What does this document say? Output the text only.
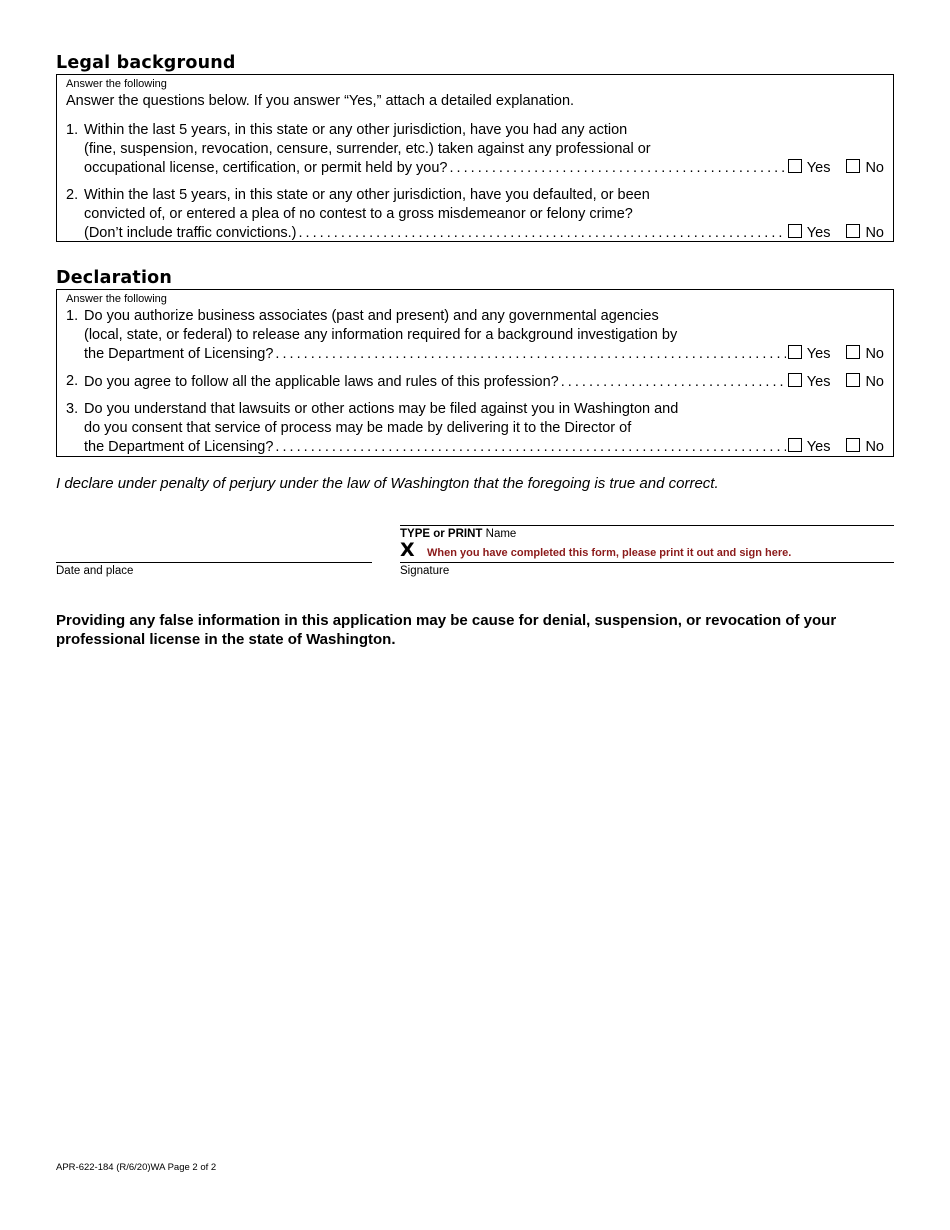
Legal background
Answer the following
Answer the questions below. If you answer “Yes,” attach a detailed explanation.
1. Within the last 5 years, in this state or any other jurisdiction, have you had any action
(fine, suspension, revocation, censure, surrender, etc.) taken against any professional or
occupational license, certification, or permit held by you? . . .	Yes No
2. Within the last 5 years, in this state or any other jurisdiction, have you defaulted, or been
convicted of, or entered a plea of no contest to a gross misdemeanor or felony crime?
(Don’t include traffic convictions.) . . .	Yes No
Declaration
Answer the following
1. Do you authorize business associates (past and present) and any governmental agencies
(local, state, or federal) to release any information required for a background investigation by
the Department of Licensing? . . .	Yes No
2. Do you agree to follow all the applicable laws and rules of this profession? . . .	Yes No
3. Do you understand that lawsuits or other actions may be filed against you in Washington and
do you consent that service of process may be made by delivering it to the Director of
the Department of Licensing? . . .	Yes No
I declare under penalty of perjury under the law of Washington that the foregoing is true and correct.
TYPE or PRINT Name
X When you have completed this form, please print it out and sign here.
Date and place	Signature
Providing any false information in this application may be cause for denial, suspension, or revocation of your professional license in the state of Washington.
APR-622-184 (R/6/20)WA Page 2 of 2
